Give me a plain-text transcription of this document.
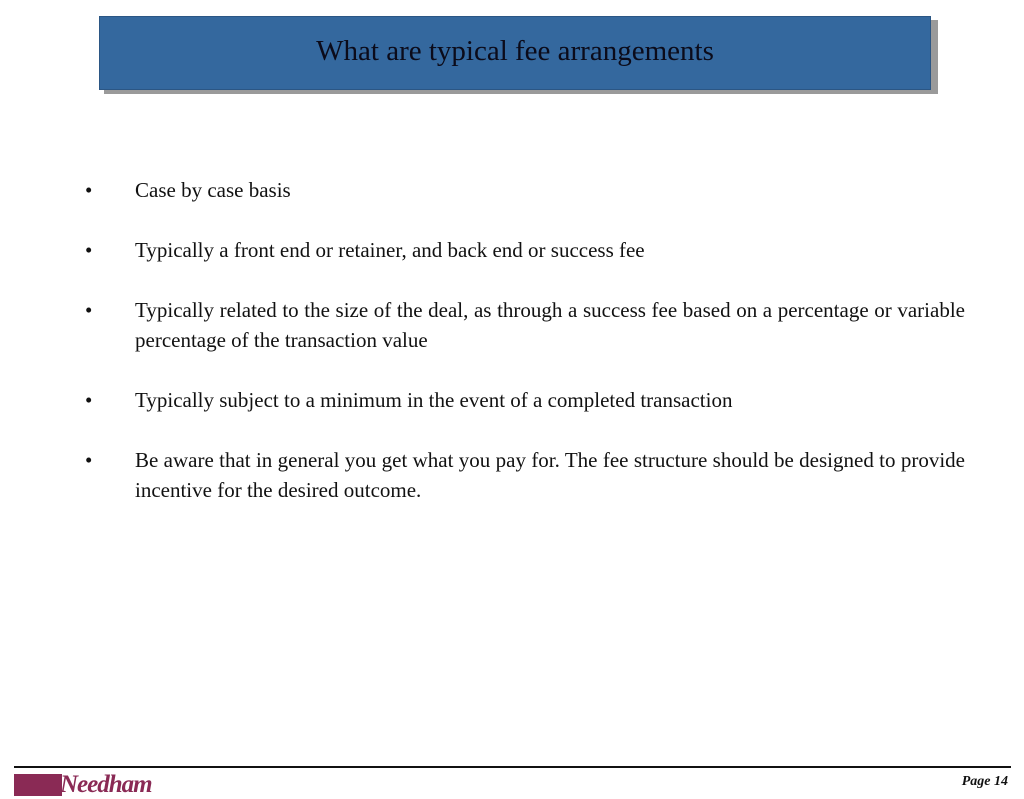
What are typical fee arrangements
•	Case by case basis
•	Typically a front end or retainer, and back end or success fee
•	Typically related to the size of the deal, as through a success fee based on a percentage or variable percentage of the transaction value
•	Typically subject to a minimum in the event of a completed transaction
•	Be aware that in general you get what you pay for. The fee structure should be designed to provide incentive for the desired outcome.
Needham	Page 14
